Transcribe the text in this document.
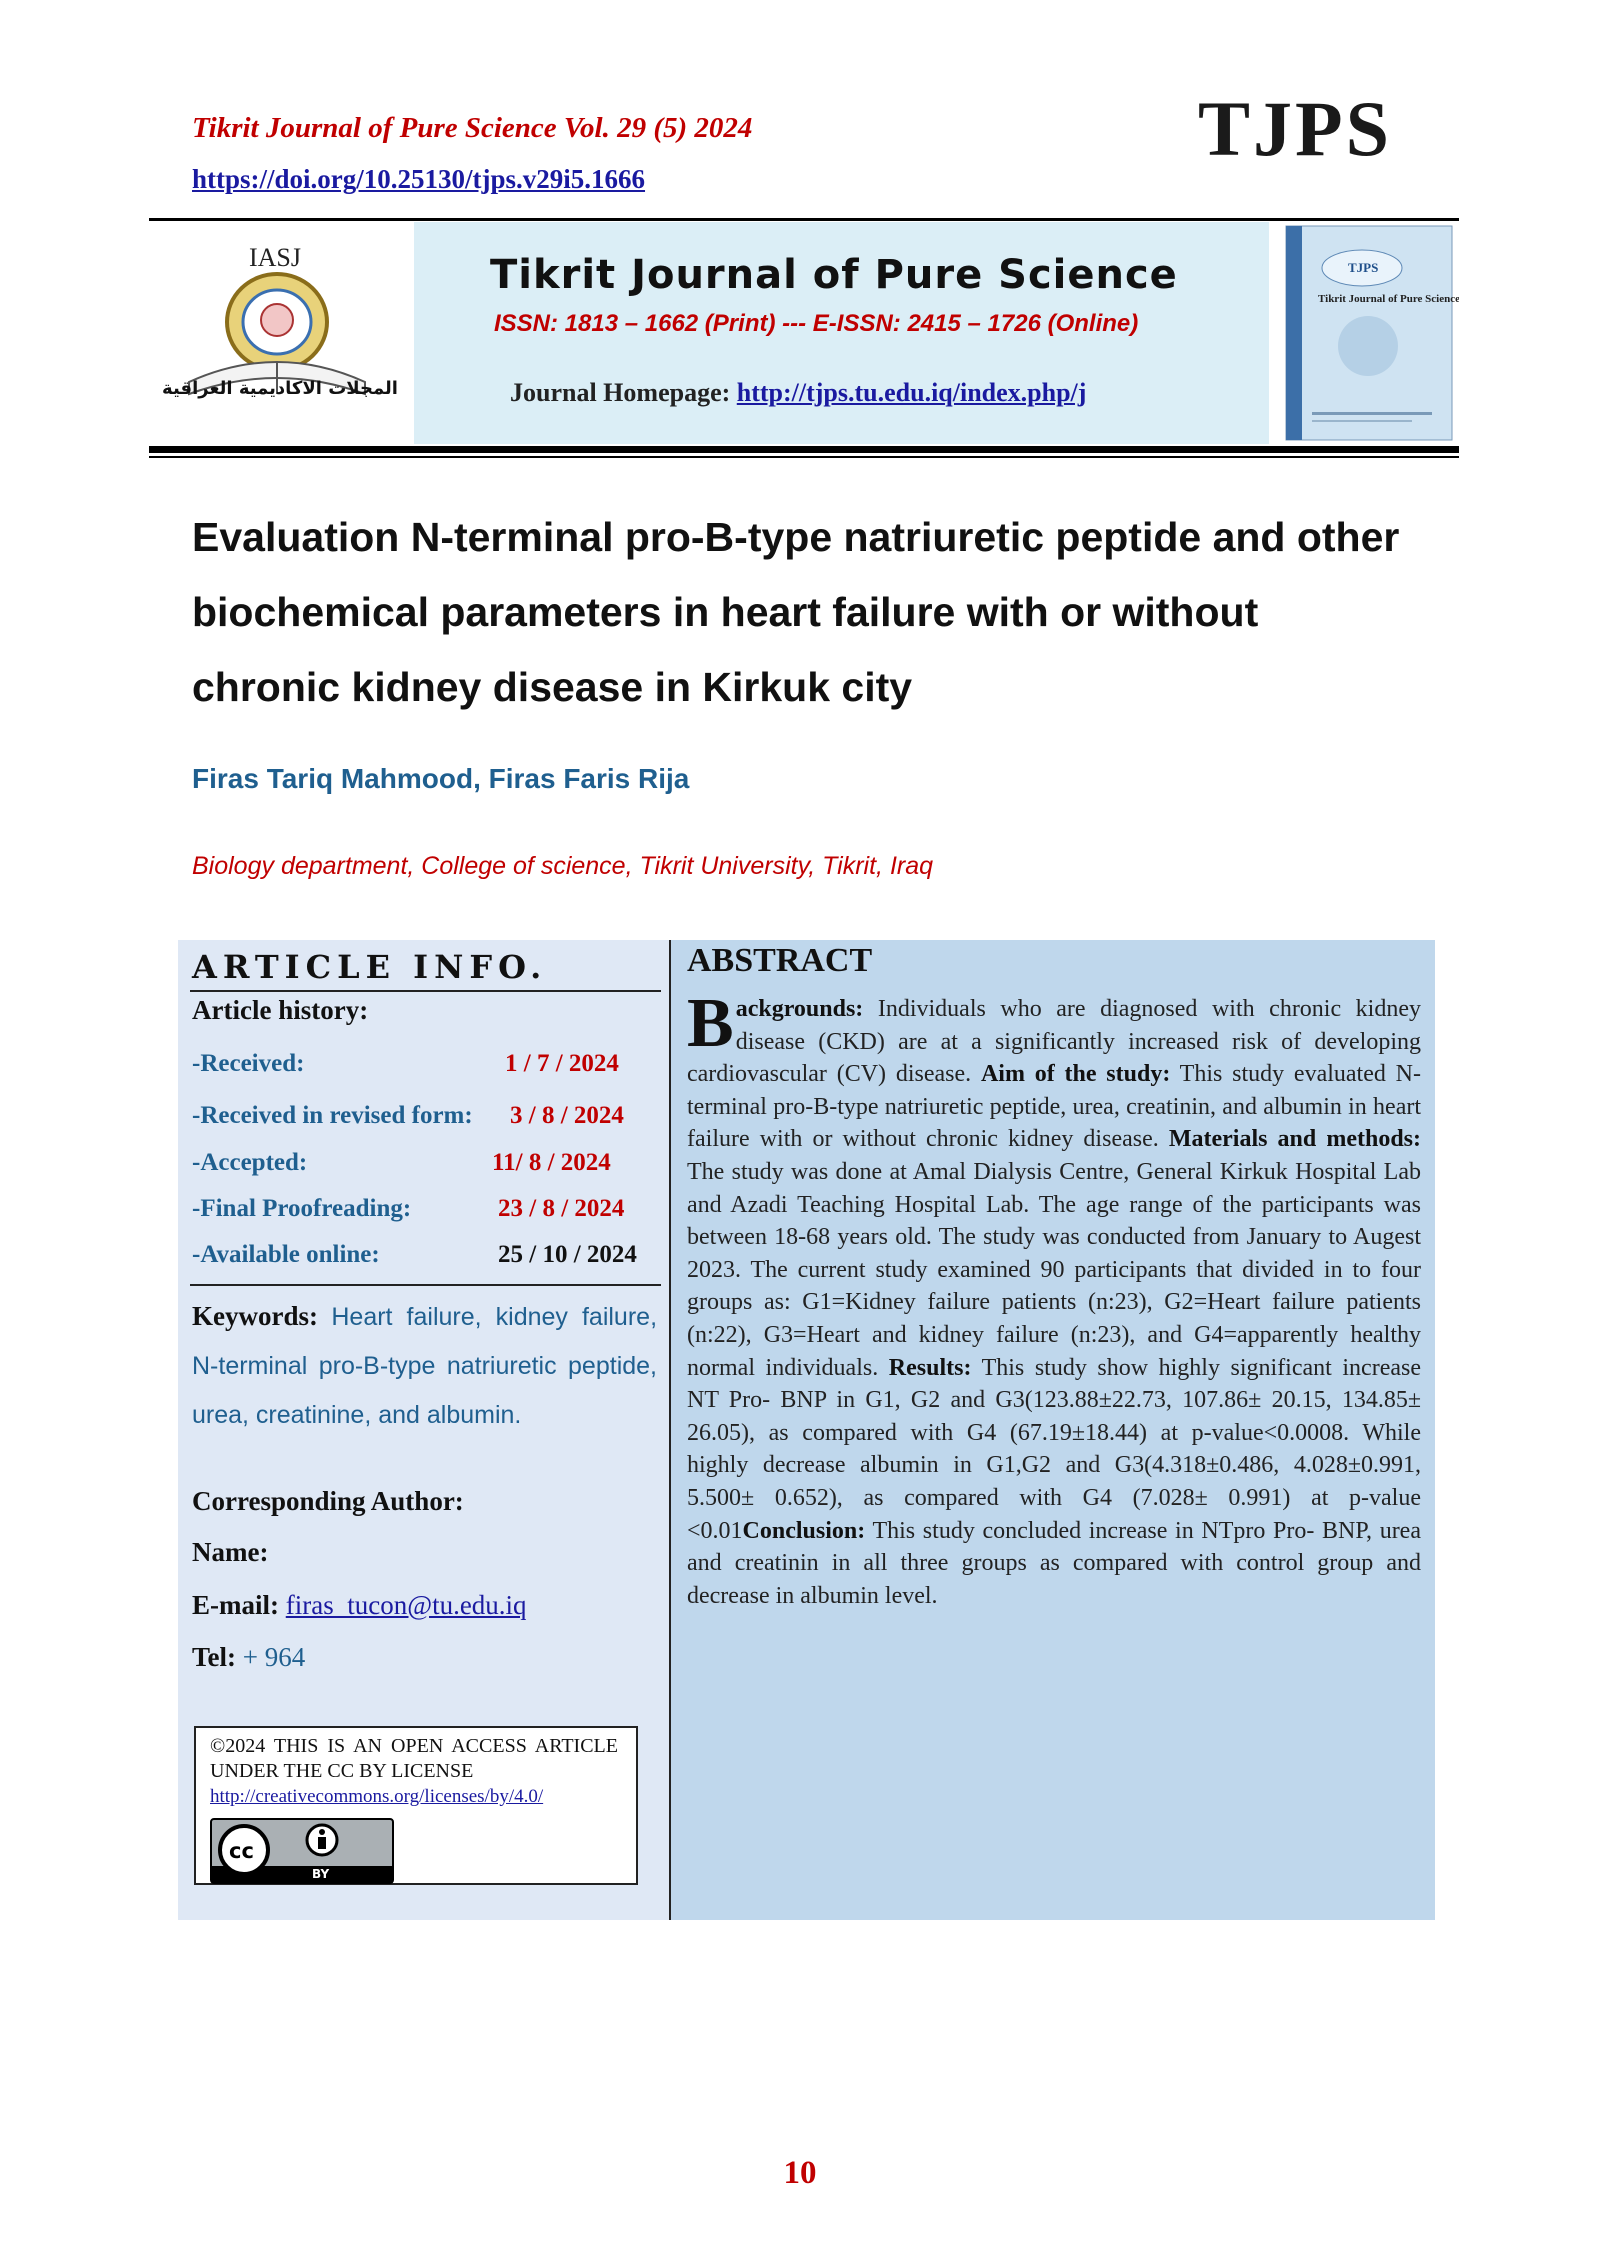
Tikrit Journal of Pure Science Vol. 29 (5) 2024
https://doi.org/10.25130/tjps.v29i5.1666
TJPS
IASJ
المجلات الاكاديمية العراقية
Tikrit Journal of Pure Science
ISSN: 1813 – 1662 (Print) --- E-ISSN: 2415 – 1726 (Online)
Journal Homepage: http://tjps.tu.edu.iq/index.php/j
TJPS
Tikrit Journal of Pure Science
Evaluation N-terminal pro-B-type natriuretic peptide and other biochemical parameters in heart failure with or without chronic kidney disease in Kirkuk city
Firas Tariq Mahmood, Firas Faris Rija
Biology department, College of science, Tikrit University, Tikrit, Iraq
ARTICLE INFO.
Article history:
-Received:	1 / 7 / 2024
-Received in revised form: 3 / 8 / 2024
-Accepted:	11/ 8 / 2024
-Final Proofreading:	23 / 8 / 2024
-Available online:	25 / 10 / 2024
Keywords: Heart failure, kidney failure, N-terminal pro-B-type natriuretic peptide, urea, creatinine, and albumin.
Corresponding Author:
Name:
E-mail: firas_tucon@tu.edu.iq
Tel: + 964
©2024 THIS IS AN OPEN ACCESS ARTICLE UNDER THE CC BY LICENSE
http://creativecommons.org/licenses/by/4.0/
cc
BY
ABSTRACT
Backgrounds: Individuals who are diagnosed with chronic kidney disease (CKD) are at a significantly increased risk of developing cardiovascular (CV) disease. Aim of the study: This study evaluated N-terminal pro-B-type natriuretic peptide, urea, creatinin, and albumin in heart failure with or without chronic kidney disease. Materials and methods: The study was done at Amal Dialysis Centre, General Kirkuk Hospital Lab and Azadi Teaching Hospital Lab. The age range of the participants was between 18-68 years old. The study was conducted from January to Augest 2023. The current study examined 90 participants that divided in to four groups as: G1=Kidney failure patients (n:23), G2=Heart failure patients (n:22), G3=Heart and kidney failure (n:23), and G4=apparently healthy normal individuals. Results: This study show highly significant increase NT Pro- BNP in G1, G2 and G3(123.88±22.73, 107.86± 20.15, 134.85± 26.05), as compared with G4 (67.19±18.44) at p-value<0.0008. While highly decrease albumin in G1,G2 and G3(4.318±0.486, 4.028±0.991, 5.500± 0.652), as compared with G4 (7.028± 0.991) at p-value <0.01Conclusion: This study concluded increase in NTpro Pro- BNP, urea and creatinin in all three groups as compared with control group and decrease in albumin level.
10
